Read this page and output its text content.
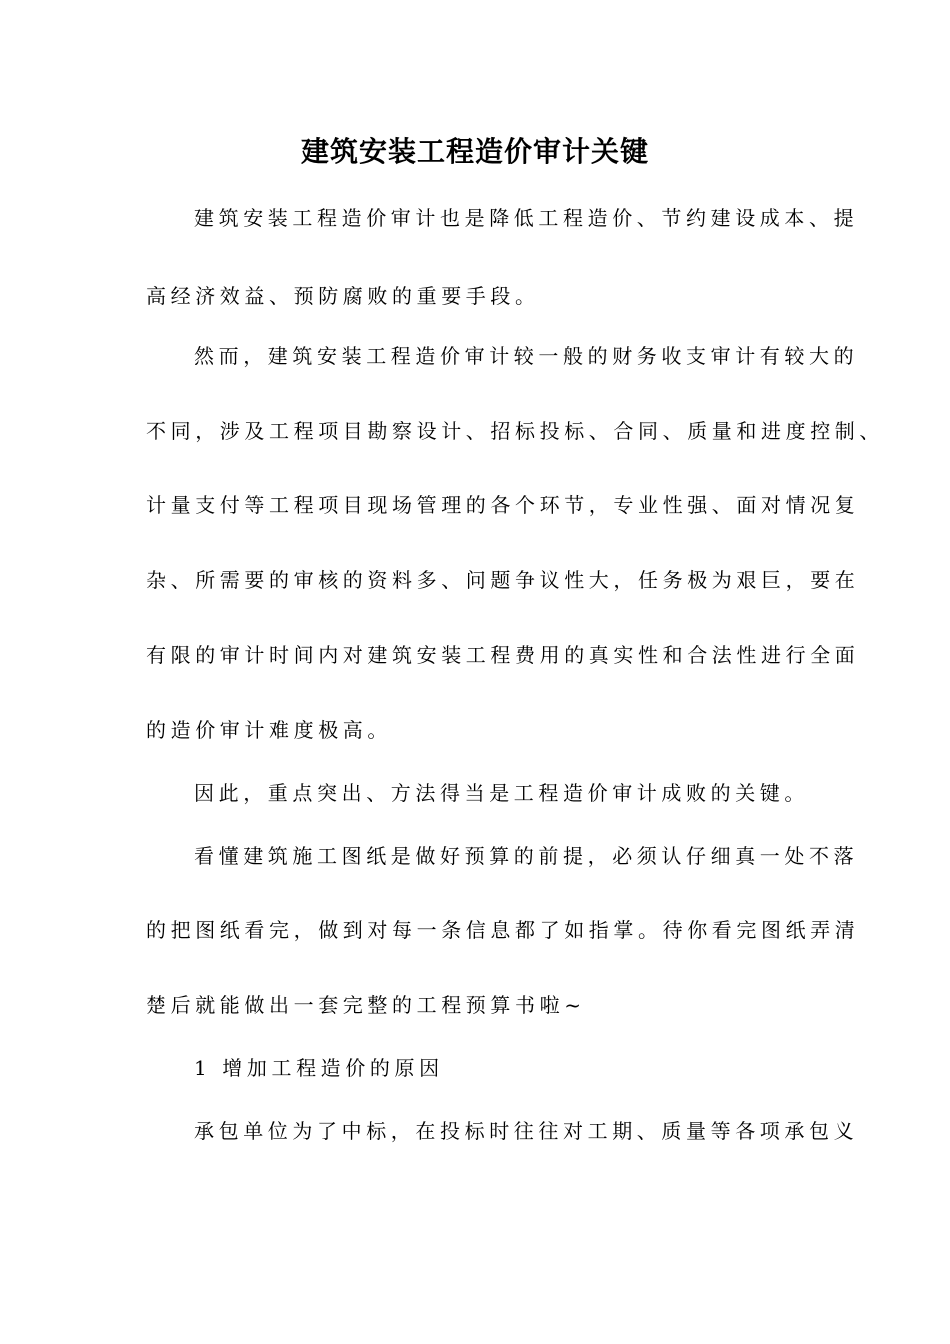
建筑安装工程造价审计关键
建筑安装工程造价审计也是降低工程造价、节约建设成本、提
高经济效益、预防腐败的重要手段。
然而，建筑安装工程造价审计较一般的财务收支审计有较大的
不同，涉及工程项目勘察设计、招标投标、合同、质量和进度控制、
计量支付等工程项目现场管理的各个环节，专业性强、面对情况复
杂、所需要的审核的资料多、问题争议性大，任务极为艰巨，要在
有限的审计时间内对建筑安装工程费用的真实性和合法性进行全面
的造价审计难度极高。
因此，重点突出、方法得当是工程造价审计成败的关键。
看懂建筑施工图纸是做好预算的前提，必须认仔细真一处不落
的把图纸看完，做到对每一条信息都了如指掌。待你看完图纸弄清
楚后就能做出一套完整的工程预算书啦~
1 增加工程造价的原因
承包单位为了中标，在投标时往往对工期、质量等各项承包义
